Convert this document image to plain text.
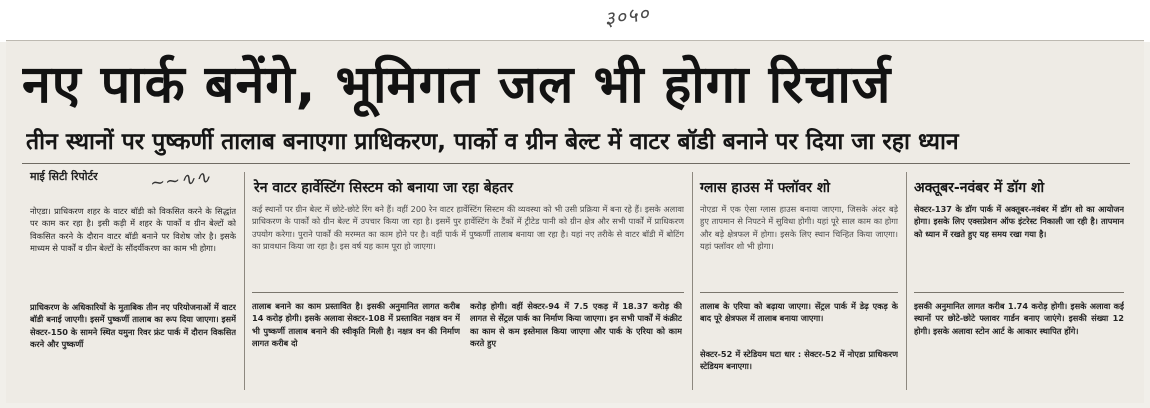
३०५०
नए पार्क बनेंगे, भूमिगत जल भी होगा रिचार्ज
तीन स्थानों पर पुष्कर्णी तालाब बनाएगा प्राधिकरण, पार्को व ग्रीन बेल्ट में वाटर बॉडी बनाने पर दिया जा रहा ध्यान
माई सिटी रिपोर्टर	~~∿∿
नोएडा। प्राधिकरण शहर के वाटर बॉडी को विकसित करने के सिद्धांत पर काम कर रहा है। इसी कड़ी में शहर के पार्को व ग्रीन बेल्टों को विकसित करने के दौरान वाटर बॉडी बनाने पर विशेष जोर है। इसके माध्यम से पार्कों व ग्रीन बेल्टों के सौंदर्यीकरण का काम भी होगा।
प्राधिकरण के अधिकारियों के मुताबिक तीन नए परियोजनाओं में वाटर बॉडी बनाई जाएगी। इसमें पुष्कर्णी तालाब का रूप दिया जाएगा। इसमें सेक्टर-150 के सामने स्थित यमुना रिवर फ्रंट पार्क में दौरान विकसित करने और पुष्कर्णी
रेन वाटर हार्वेस्टिंग सिस्टम को बनाया जा रहा बेहतर
कई स्थानों पर ग्रीन बेल्ट में छोटे-छोटे रिंग बने हैं। वहीं 200 रेन वाटर हार्वेस्टिंग सिस्टम की व्यवस्था को भी उसी प्रक्रिया में बना रहे हैं। इसके अलावा प्राधिकरण के पार्कों को ग्रीन बेल्ट में उपचार किया जा रहा है। इसमें पुर हार्वेस्टिंग के टैंकों में ट्रीटेड पानी को ग्रीन क्षेत्र और सभी पार्कों में प्राधिकरण उपयोग करेगा। पुराने पार्कों की मरम्मत का काम होने पर है। वहीं पार्क में पुष्कर्णी तालाब बनाया जा रहा है। यहां नए तरीके से वाटर बॉडी में बोटिंग का प्रावधान किया जा रहा है। इस वर्ष यह काम पूरा हो जाएगा।
तालाब बनाने का काम प्रस्तावित है। इसकी अनुमानित लागत करीब 14 करोड़ होगी। इसके अलावा सेक्टर-108 में प्रस्तावित नक्षत्र वन में भी पुष्कर्णी तालाब बनाने की स्वीकृति मिली है। नक्षत्र वन की निर्माण लागत करीब दो
करोड़ होगी। वहीं सेक्टर-94 में 7.5 एकड़ में 18.37 करोड़ की लागत से सेंट्रल पार्क का निर्माण किया जाएगा। इन सभी पार्कों में कंक्रीट का काम से कम इस्तेमाल किया जाएगा और पार्क के एरिया को काम करते हुए
ग्लास हाउस में फ्लॉवर शो
नोएडा में एक ऐसा ग्लास हाउस बनाया जाएगा, जिसके अंदर बड़े हुए तापमान से निपटने में सुविधा होगी। यहां पूरे साल काम का होगा और बड़े क्षेत्रफल में होगा। इसके लिए स्थान चिन्हित किया जाएगा। यहां फ्लॉवर शो भी होगा।
तालाब के एरिया को बढ़ाया जाएगा। सेंट्रल पार्क में डेढ़ एकड़ के बाद पूरे क्षेत्रफल में तालाब बनाया जाएगा।
सेक्टर-52 में स्टेडियम घटा धार : सेक्टर-52 में नोएडा प्राधिकरण स्टेडियम बनाएगा।
अक्तूबर-नवंबर में डॉग शो
सेक्टर-137 के डॉग पार्क में अक्तूबर-नवंबर में डॉग शो का आयोजन होगा। इसके लिए एक्सप्रेशन ऑफ इंटरेस्ट निकाली जा रही है। तापमान को ध्यान में रखते हुए यह समय रखा गया है।
इसकी अनुमानित लागत करीब 1.74 करोड़ होगी। इसके अलावा कई स्थानों पर छोटे-छोटे फ्लावर गार्डन बनाए जाएंगे। इसकी संख्या 12 होगी। इसके अलावा स्टोन आर्ट के आकार स्थापित होंगे।
